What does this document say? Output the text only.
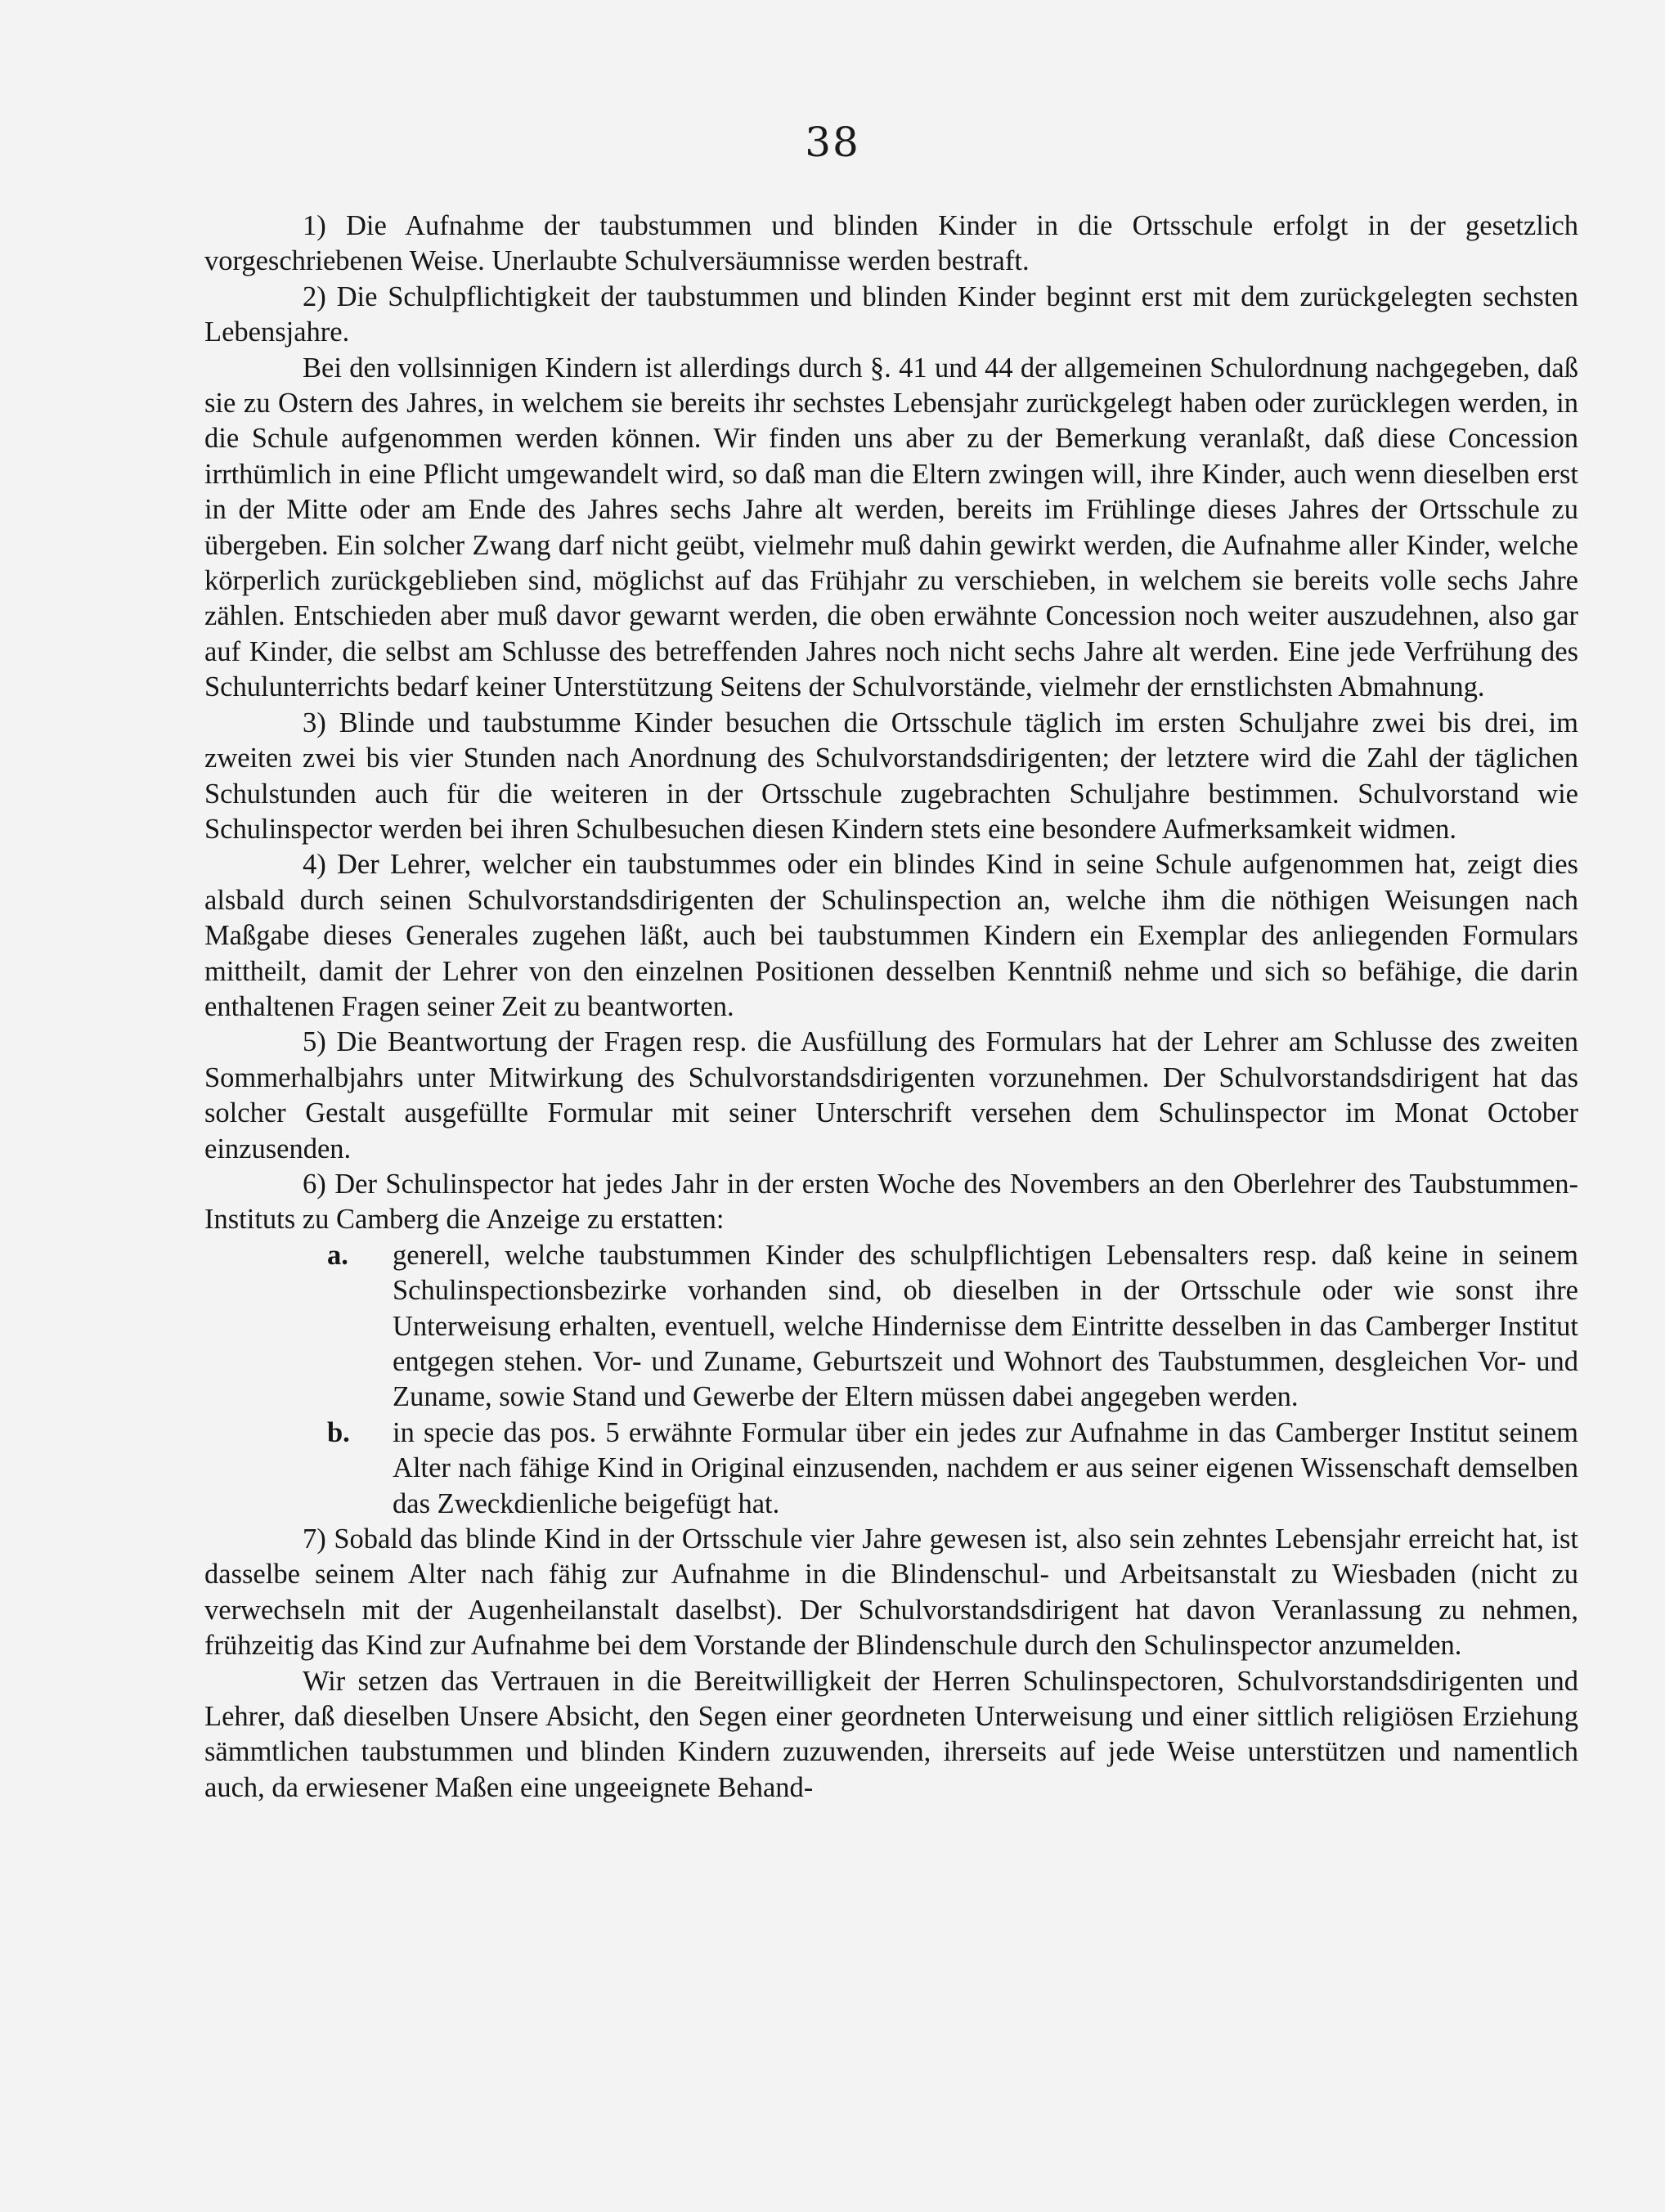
38

1) Die Aufnahme der taubstummen und blinden Kinder in die Ortsschule erfolgt in der gesetzlich vorgeschriebenen Weise. Unerlaubte Schulversäumnisse werden bestraft.

2) Die Schulpflichtigkeit der taubstummen und blinden Kinder beginnt erst mit dem zurückgelegten sechsten Lebensjahre.

Bei den vollsinnigen Kindern ist allerdings durch §. 41 und 44 der allgemeinen Schulordnung nachgegeben, daß sie zu Ostern des Jahres, in welchem sie bereits ihr sechstes Lebensjahr zurückgelegt haben oder zurücklegen werden, in die Schule aufgenommen werden können. Wir finden uns aber zu der Bemerkung veranlaßt, daß diese Concession irrthümlich in eine Pflicht umgewandelt wird, so daß man die Eltern zwingen will, ihre Kinder, auch wenn dieselben erst in der Mitte oder am Ende des Jahres sechs Jahre alt werden, bereits im Frühlinge dieses Jahres der Ortsschule zu übergeben. Ein solcher Zwang darf nicht geübt, vielmehr muß dahin gewirkt werden, die Aufnahme aller Kinder, welche körperlich zurückgeblieben sind, möglichst auf das Frühjahr zu verschieben, in welchem sie bereits volle sechs Jahre zählen. Entschieden aber muß davor gewarnt werden, die oben erwähnte Concession noch weiter auszudehnen, also gar auf Kinder, die selbst am Schlusse des betreffenden Jahres noch nicht sechs Jahre alt werden. Eine jede Verfrühung des Schulunterrichts bedarf keiner Unterstützung Seitens der Schulvorstände, vielmehr der ernstlichsten Abmahnung.

3) Blinde und taubstumme Kinder besuchen die Ortsschule täglich im ersten Schuljahre zwei bis drei, im zweiten zwei bis vier Stunden nach Anordnung des Schulvorstandsdirigenten; der letztere wird die Zahl der täglichen Schulstunden auch für die weiteren in der Ortsschule zugebrachten Schuljahre bestimmen. Schulvorstand wie Schulinspector werden bei ihren Schulbesuchen diesen Kindern stets eine besondere Aufmerksamkeit widmen.

4) Der Lehrer, welcher ein taubstummes oder ein blindes Kind in seine Schule aufgenommen hat, zeigt dies alsbald durch seinen Schulvorstandsdirigenten der Schulinspection an, welche ihm die nöthigen Weisungen nach Maßgabe dieses Generales zugehen läßt, auch bei taubstummen Kindern ein Exemplar des anliegenden Formulars mittheilt, damit der Lehrer von den einzelnen Positionen desselben Kenntniß nehme und sich so befähige, die darin enthaltenen Fragen seiner Zeit zu beantworten.

5) Die Beantwortung der Fragen resp. die Ausfüllung des Formulars hat der Lehrer am Schlusse des zweiten Sommerhalbjahrs unter Mitwirkung des Schulvorstandsdirigenten vorzunehmen. Der Schulvorstandsdirigent hat das solcher Gestalt ausgefüllte Formular mit seiner Unterschrift versehen dem Schulinspector im Monat October einzusenden.

6) Der Schulinspector hat jedes Jahr in der ersten Woche des Novembers an den Oberlehrer des Taubstummen-Instituts zu Camberg die Anzeige zu erstatten:

a.	generell, welche taubstummen Kinder des schulpflichtigen Lebensalters resp. daß keine in seinem Schulinspectionsbezirke vorhanden sind, ob dieselben in der Ortsschule oder wie sonst ihre Unterweisung erhalten, eventuell, welche Hindernisse dem Eintritte desselben in das Camberger Institut entgegen stehen. Vor- und Zuname, Geburtszeit und Wohnort des Taubstummen, desgleichen Vor- und Zuname, sowie Stand und Gewerbe der Eltern müssen dabei angegeben werden.
b.	in specie das pos. 5 erwähnte Formular über ein jedes zur Aufnahme in das Camberger Institut seinem Alter nach fähige Kind in Original einzusenden, nachdem er aus seiner eigenen Wissenschaft demselben das Zweckdienliche beigefügt hat.

7) Sobald das blinde Kind in der Ortsschule vier Jahre gewesen ist, also sein zehntes Lebensjahr erreicht hat, ist dasselbe seinem Alter nach fähig zur Aufnahme in die Blindenschul- und Arbeitsanstalt zu Wiesbaden (nicht zu verwechseln mit der Augenheilanstalt daselbst). Der Schulvorstandsdirigent hat davon Veranlassung zu nehmen, frühzeitig das Kind zur Aufnahme bei dem Vorstande der Blindenschule durch den Schulinspector anzumelden.

Wir setzen das Vertrauen in die Bereitwilligkeit der Herren Schulinspectoren, Schulvorstandsdirigenten und Lehrer, daß dieselben Unsere Absicht, den Segen einer geordneten Unterweisung und einer sittlich religiösen Erziehung sämmtlichen taubstummen und blinden Kindern zuzuwenden, ihrerseits auf jede Weise unterstützen und namentlich auch, da erwiesener Maßen eine ungeeignete Behand-
